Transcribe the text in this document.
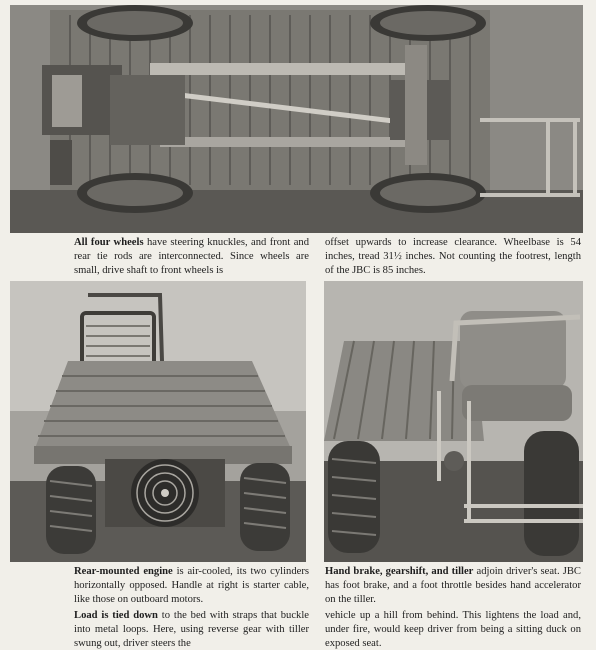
All four wheels have steering knuckles, and front and rear tie rods are interconnected. Since wheels are small, drive shaft to front wheels is
offset upwards to increase clearance. Wheelbase is 54 inches, tread 31½ inches. Not counting the footrest, length of the JBC is 85 inches.

Rear-mounted engine is air-cooled, its two cylinders horizontally opposed. Handle at right is starter cable, like those on outboard motors.

Hand brake, gearshift, and tiller adjoin driver's seat. JBC has foot brake, and a foot throttle besides hand accelerator on the tiller.

Load is tied down to the bed with straps that buckle into metal loops. Here, using reverse gear with tiller swung out, driver steers the
vehicle up a hill from behind. This lightens the load and, under fire, would keep driver from being a sitting duck on exposed seat.
